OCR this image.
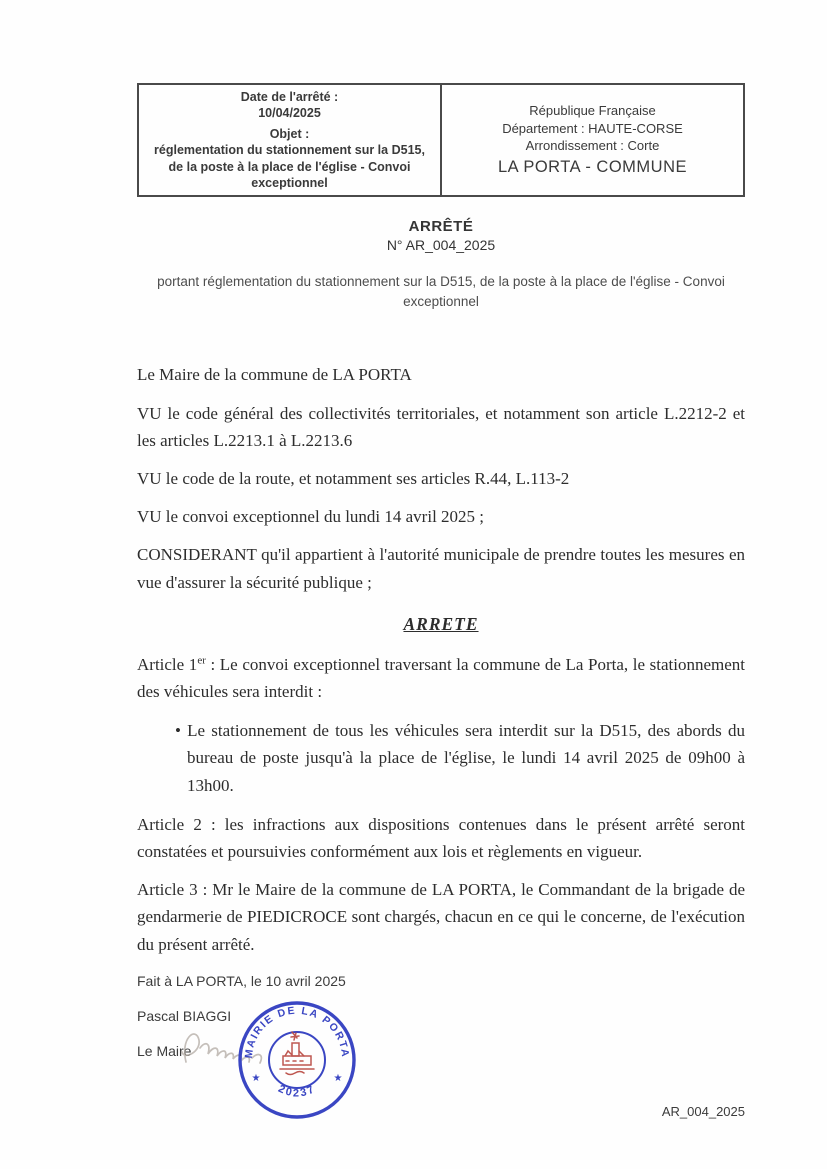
Date de l'arrêté :
10/04/2025
Objet :
réglementation du stationnement sur la D515, de la poste à la place de l'église - Convoi exceptionnel
République Française
Département : HAUTE-CORSE
Arrondissement : Corte
LA PORTA - COMMUNE
ARRÊTÉ
N° AR_004_2025
portant réglementation du stationnement sur la D515, de la poste à la place de l'église - Convoi exceptionnel

Le Maire de la commune de LA PORTA

VU le code général des collectivités territoriales, et notamment son article L.2212-2 et les articles L.2213.1 à L.2213.6

VU le code de la route, et notamment ses articles R.44, L.113-2

VU le convoi exceptionnel du lundi 14 avril 2025 ;

CONSIDERANT qu'il appartient à l'autorité municipale de prendre toutes les mesures en vue d'assurer la sécurité publique ;

ARRETE

Article 1er : Le convoi exceptionnel traversant la commune de La Porta, le stationnement des véhicules sera interdit :

• Le stationnement de tous les véhicules sera interdit sur la D515, des abords du bureau de poste jusqu'à la place de l'église, le lundi 14 avril 2025 de 09h00 à 13h00.

Article 2 : les infractions aux dispositions contenues dans le présent arrêté seront constatées et poursuivies conformément aux lois et règlements en vigueur.

Article 3 : Mr le Maire de la commune de LA PORTA, le Commandant de la brigade de gendarmerie de PIEDICROCE sont chargés, chacun en ce qui le concerne, de l'exécution du présent arrêté.

Fait à LA PORTA, le 10 avril 2025
Pascal BIAGGI
Le Maire	MAIRIE DE LA PORTA
20237
★	★
AR_004_2025
